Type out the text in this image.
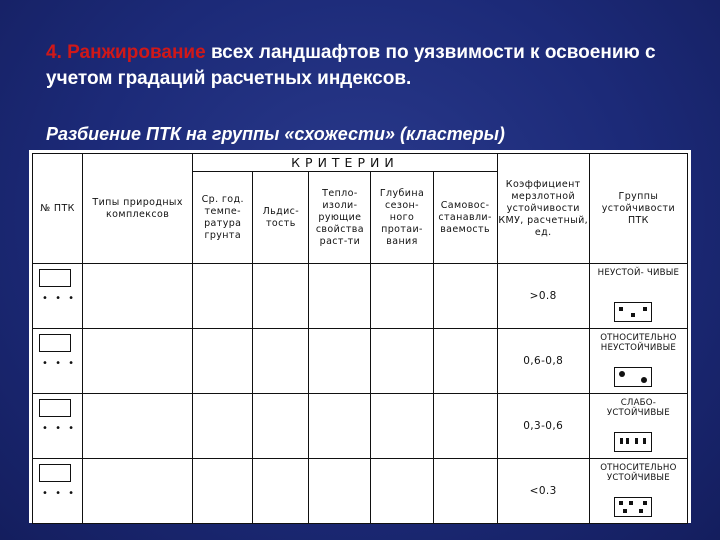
4. Ранжирование всех ландшафтов по уязвимости к освоению с учетом градаций расчетных индексов.
Разбиение ПТК на группы «схожести» (кластеры)
№ ПТК	Типы природных комплексов	КРИТЕРИИ					Коэффициент мерзлотной устойчивости КМУ, расчетный, ед.	Группы устойчивости ПТК
		Ср. год. темпе- ратура грунта	Льдис- тость	Тепло- изоли- рующие свойства раст-ти	Глубина сезон- ного протаи- вания	Самовос- станавли- ваемость		

• • •							>0.8	НЕУСТОЙ- ЧИВЫЕ

• • •							0,6-0,8	ОТНОСИТЕЛЬНО НЕУСТОЙЧИВЫЕ

• • •							0,3-0,6	СЛАБО- УСТОЙЧИВЫЕ

• • •							<0.3	ОТНОСИТЕЛЬНО УСТОЙЧИВЫЕ
